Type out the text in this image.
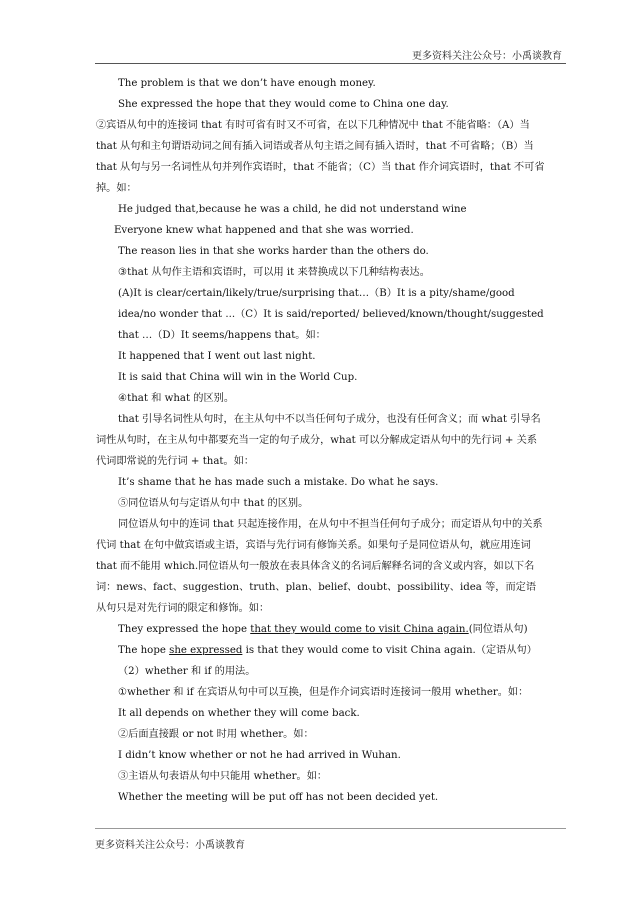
更多资料关注公众号：小禹谈教育

The problem is that we don’t have enough money.

She expressed the hope that they would come to China one day.

②宾语从句中的连接词 that 有时可省有时又不可省，在以下几种情况中 that 不能省略：（A）当 that 从句和主句谓语动词之间有插入词语或者从句主语之间有插入语时，that 不可省略；（B）当 that 从句与另一名词性从句并列作宾语时，that 不能省；（C）当 that 作介词宾语时，that 不可省掉。如：

He judged that,because he was a child, he did not understand wine

Everyone knew what happened and that she was worried.

The reason lies in that she works harder than the others do.

③that 从句作主语和宾语时，可以用 it 来替换成以下几种结构表达。

(A)It is clear/certain/likely/true/surprising that…（B）It is a pity/shame/good idea/no wonder that ...（C）It is said/reported/ believed/known/thought/suggested that …（D）It seems/happens that。如：

It happened that I went out last night.

It is said that China will win in the World Cup.

④that 和 what 的区别。

that 引导名词性从句时，在主从句中不以当任何句子成分，也没有任何含义；而 what 引导名词性从句时，在主从句中都要充当一定的句子成分，what 可以分解成定语从句中的先行词 + 关系代词即常说的先行词 + that。如：

It’s shame that he has made such a mistake. Do what he says.

⑤同位语从句与定语从句中 that 的区别。

同位语从句中的连词 that 只起连接作用，在从句中不担当任何句子成分；而定语从句中的关系代词 that 在句中做宾语或主语，宾语与先行词有修饰关系。如果句子是同位语从句，就应用连词 that 而不能用 which.同位语从句一般放在表具体含义的名词后解释名词的含义或内容，如以下名词：news、fact、suggestion、truth、plan、belief、doubt、possibility、idea 等，而定语从句只是对先行词的限定和修饰。如：

They expressed the hope that they would come to visit China again.(同位语从句)

The hope she expressed is that they would come to visit China again.（定语从句）

（2）whether 和 if 的用法。

①whether 和 if 在宾语从句中可以互换，但是作介词宾语时连接词一般用 whether。如：

It all depends on whether they will come back.

②后面直接跟 or not 时用 whether。如：

I didn’t know whether or not he had arrived in Wuhan.

③主语从句表语从句中只能用 whether。如：

Whether the meeting will be put off has not been decided yet.

更多资料关注公众号：小禹谈教育
